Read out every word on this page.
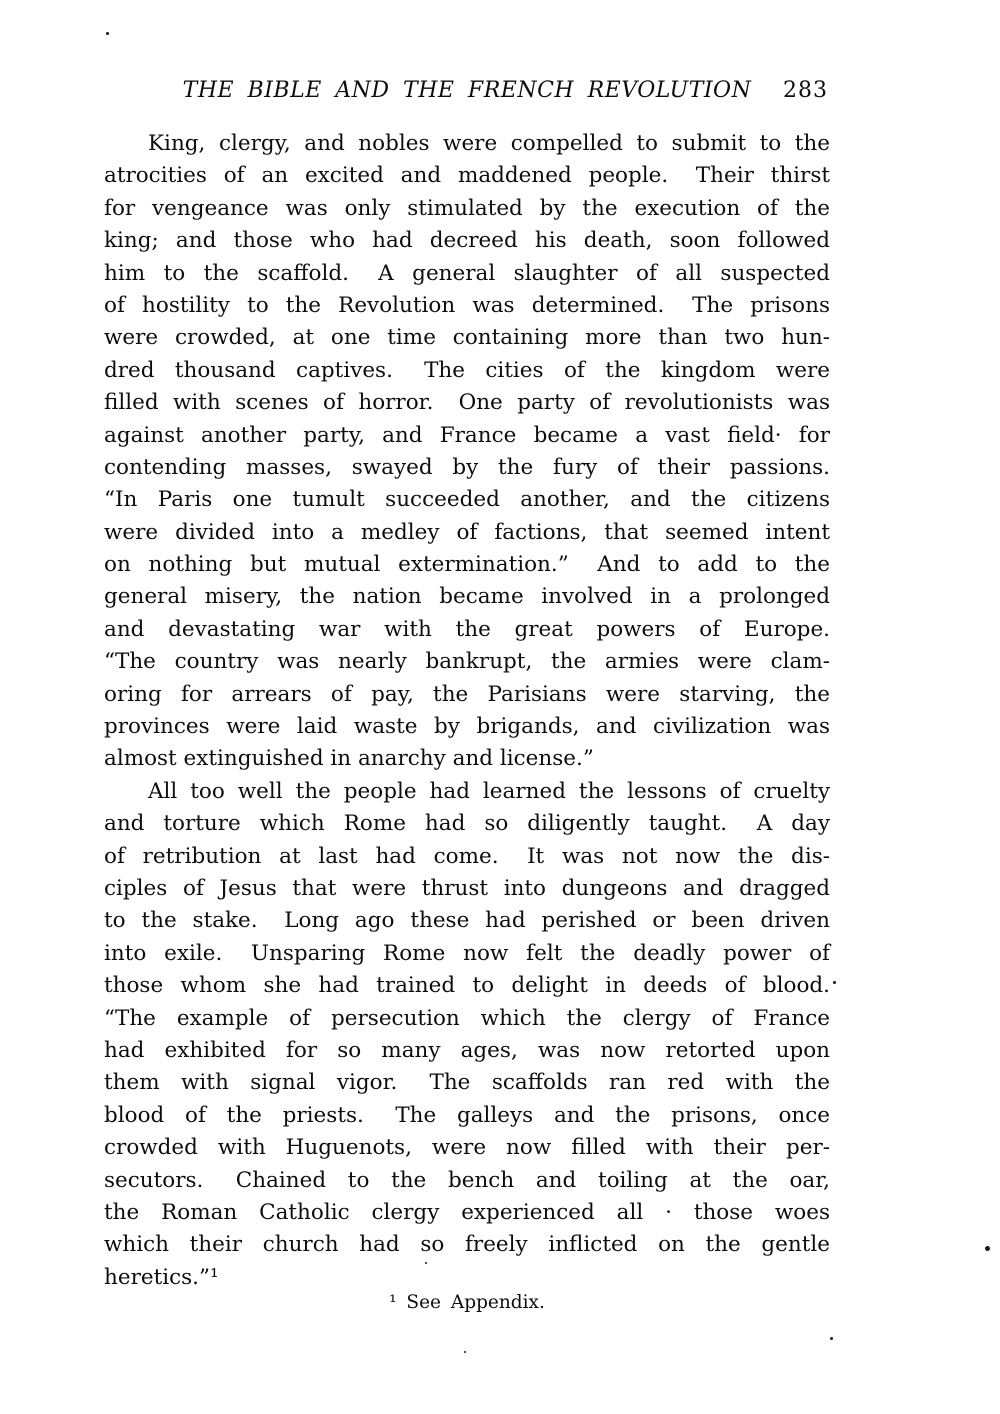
THE BIBLE AND THE FRENCH REVOLUTION 283
King, clergy, and nobles were compelled to submit to the
atrocities of an excited and maddened people.  Their thirst
for vengeance was only stimulated by the execution of the
king; and those who had decreed his death, soon followed
him to the scaffold.  A general slaughter of all suspected
of hostility to the Revolution was determined.  The prisons
were crowded, at one time containing more than two hun-
dred thousand captives.  The cities of the kingdom were
filled with scenes of horror.  One party of revolutionists was
against another party, and France became a vast field· for
contending masses, swayed by the fury of their passions.
“In Paris one tumult succeeded another, and the citizens
were divided into a medley of factions, that seemed intent
on nothing but mutual extermination.”  And to add to the
general misery, the nation became involved in a prolonged
and devastating war with the great powers of Europe.
“The country was nearly bankrupt, the armies were clam-
oring for arrears of pay, the Parisians were starving, the
provinces were laid waste by brigands, and civilization was
almost extinguished in anarchy and license.”
All too well the people had learned the lessons of cruelty
and torture which Rome had so diligently taught.  A day
of retribution at last had come.  It was not now the dis-
ciples of Jesus that were thrust into dungeons and dragged
to the stake.  Long ago these had perished or been driven
into exile.  Unsparing Rome now felt the deadly power of
those whom she had trained to delight in deeds of blood.
“The example of persecution which the clergy of France
had exhibited for so many ages, was now retorted upon
them with signal vigor.  The scaffolds ran red with the
blood of the priests.  The galleys and the prisons, once
crowded with Huguenots, were now filled with their per-
secutors.  Chained to the bench and toiling at the oar,
the Roman Catholic clergy experienced all · those woes
which their church had so freely inflicted on the gentle
heretics.”¹
¹ See Appendix.
